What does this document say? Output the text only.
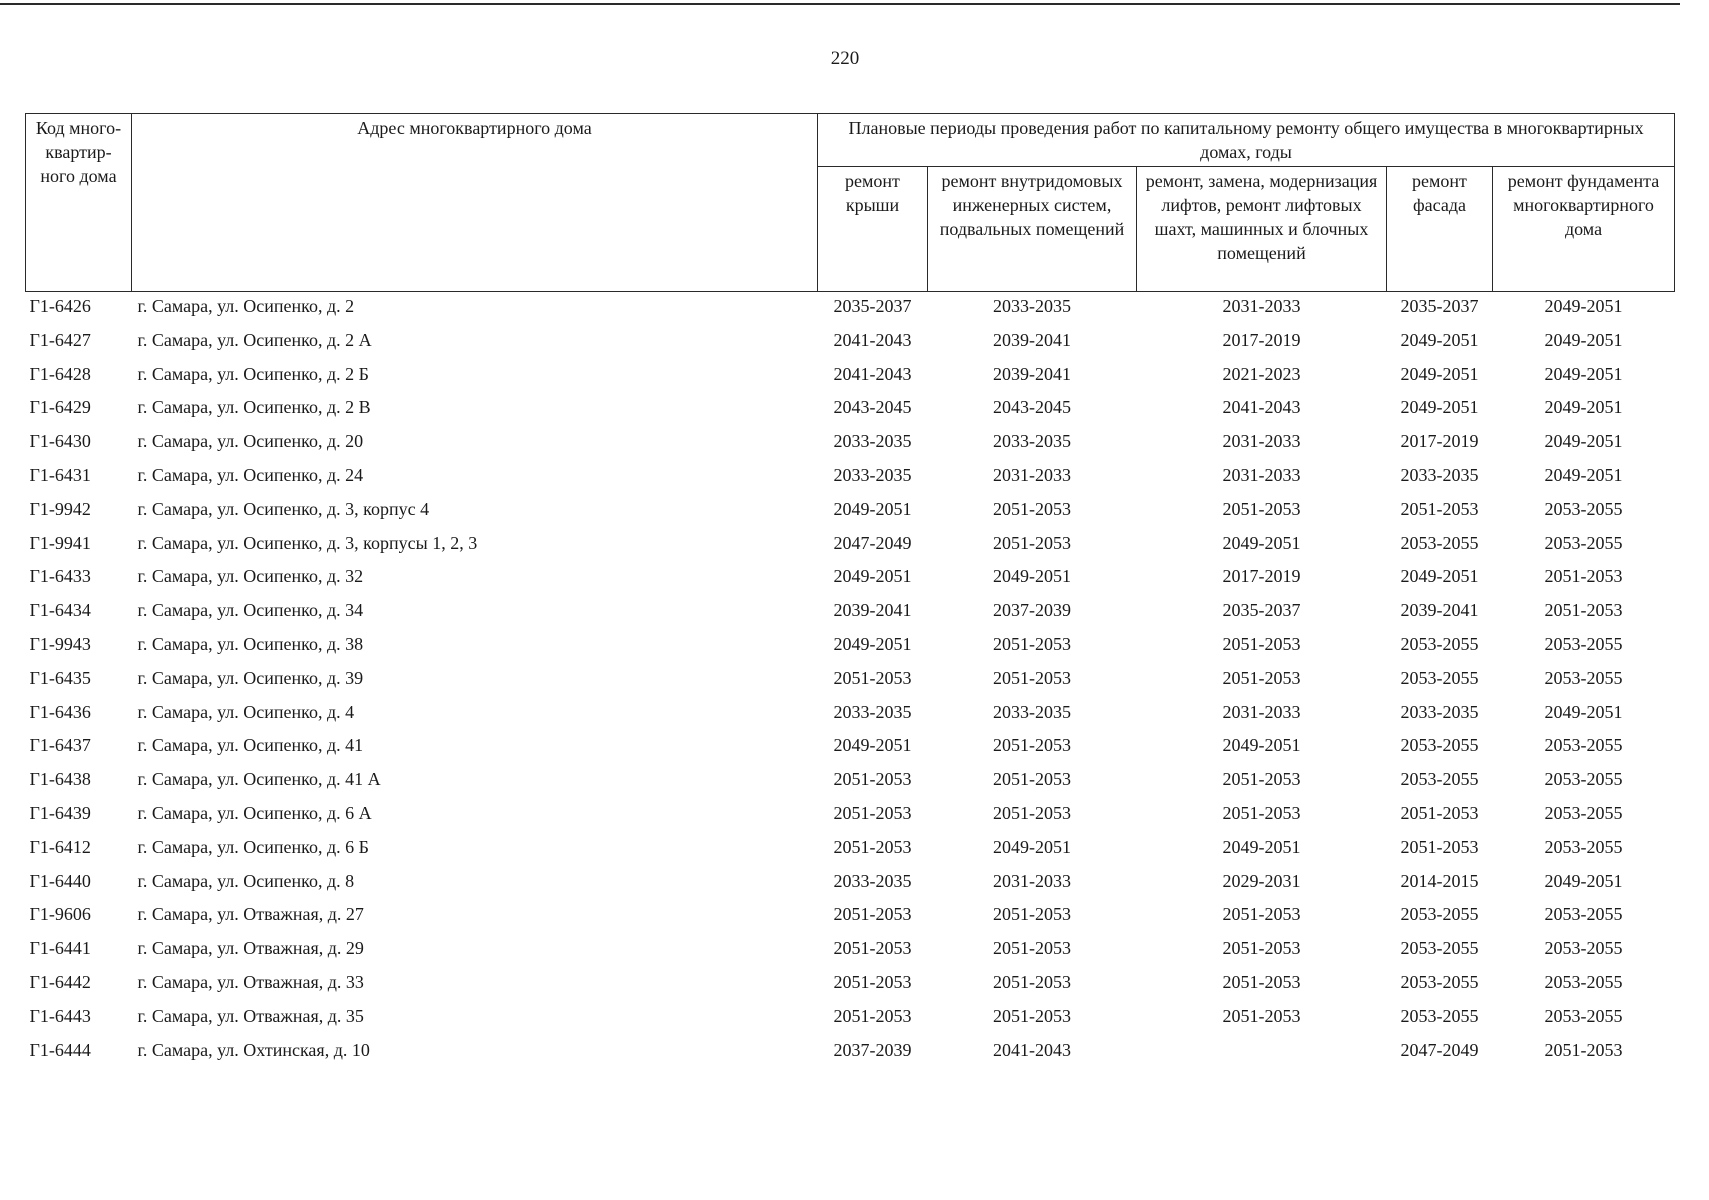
220
Код много-квартир-ного дома	Адрес многоквартирного дома	Плановые периоды проведения работ по капитальному ремонту общего имущества в многоквартирных домах, годы				
		ремонт крыши	ремонт внутридомовых инженерных систем, подвальных помещений	ремонт, замена, модернизация лифтов, ремонт лифтовых шахт, машинных и блочных помещений	ремонт фасада	ремонт фундамента многоквартирного дома
Г1-6426	г. Самара, ул. Осипенко, д. 2	2035-2037	2033-2035	2031-2033	2035-2037	2049-2051
Г1-6427	г. Самара, ул. Осипенко, д. 2 А	2041-2043	2039-2041	2017-2019	2049-2051	2049-2051
Г1-6428	г. Самара, ул. Осипенко, д. 2 Б	2041-2043	2039-2041	2021-2023	2049-2051	2049-2051
Г1-6429	г. Самара, ул. Осипенко, д. 2 В	2043-2045	2043-2045	2041-2043	2049-2051	2049-2051
Г1-6430	г. Самара, ул. Осипенко, д. 20	2033-2035	2033-2035	2031-2033	2017-2019	2049-2051
Г1-6431	г. Самара, ул. Осипенко, д. 24	2033-2035	2031-2033	2031-2033	2033-2035	2049-2051
Г1-9942	г. Самара, ул. Осипенко, д. 3, корпус 4	2049-2051	2051-2053	2051-2053	2051-2053	2053-2055
Г1-9941	г. Самара, ул. Осипенко, д. 3, корпусы 1, 2, 3	2047-2049	2051-2053	2049-2051	2053-2055	2053-2055
Г1-6433	г. Самара, ул. Осипенко, д. 32	2049-2051	2049-2051	2017-2019	2049-2051	2051-2053
Г1-6434	г. Самара, ул. Осипенко, д. 34	2039-2041	2037-2039	2035-2037	2039-2041	2051-2053
Г1-9943	г. Самара, ул. Осипенко, д. 38	2049-2051	2051-2053	2051-2053	2053-2055	2053-2055
Г1-6435	г. Самара, ул. Осипенко, д. 39	2051-2053	2051-2053	2051-2053	2053-2055	2053-2055
Г1-6436	г. Самара, ул. Осипенко, д. 4	2033-2035	2033-2035	2031-2033	2033-2035	2049-2051
Г1-6437	г. Самара, ул. Осипенко, д. 41	2049-2051	2051-2053	2049-2051	2053-2055	2053-2055
Г1-6438	г. Самара, ул. Осипенко, д. 41 А	2051-2053	2051-2053	2051-2053	2053-2055	2053-2055
Г1-6439	г. Самара, ул. Осипенко, д. 6 А	2051-2053	2051-2053	2051-2053	2051-2053	2053-2055
Г1-6412	г. Самара, ул. Осипенко, д. 6 Б	2051-2053	2049-2051	2049-2051	2051-2053	2053-2055
Г1-6440	г. Самара, ул. Осипенко, д. 8	2033-2035	2031-2033	2029-2031	2014-2015	2049-2051
Г1-9606	г. Самара, ул. Отважная, д. 27	2051-2053	2051-2053	2051-2053	2053-2055	2053-2055
Г1-6441	г. Самара, ул. Отважная, д. 29	2051-2053	2051-2053	2051-2053	2053-2055	2053-2055
Г1-6442	г. Самара, ул. Отважная, д. 33	2051-2053	2051-2053	2051-2053	2053-2055	2053-2055
Г1-6443	г. Самара, ул. Отважная, д. 35	2051-2053	2051-2053	2051-2053	2053-2055	2053-2055
Г1-6444	г. Самара, ул. Охтинская, д. 10	2037-2039	2041-2043		2047-2049	2051-2053
